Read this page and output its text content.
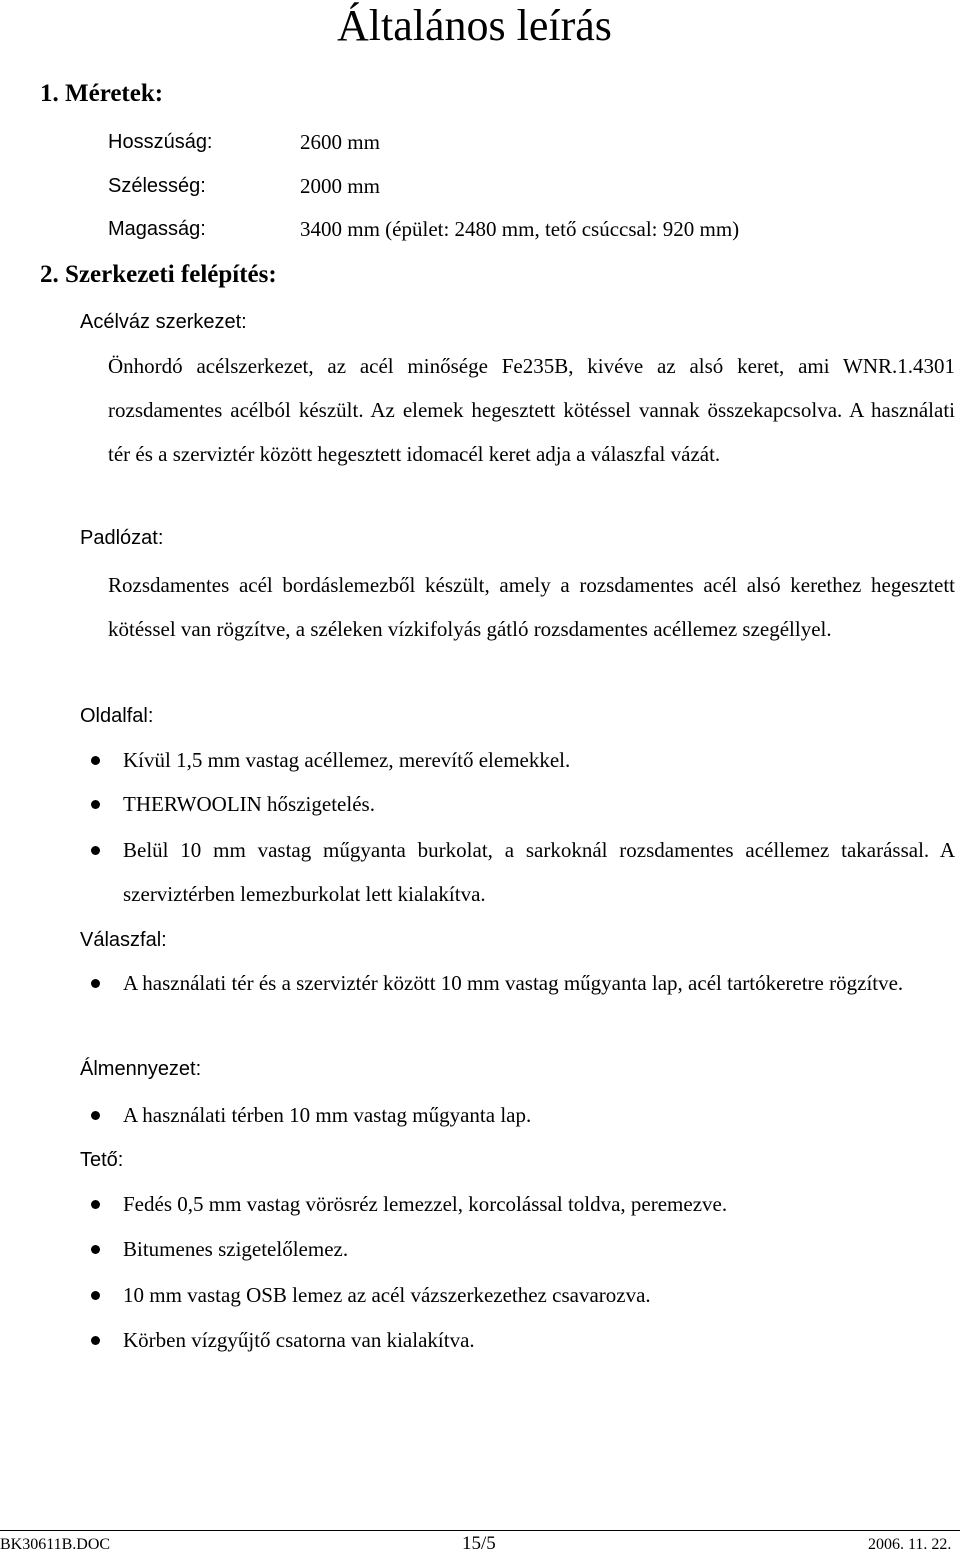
Általános leírás
1. Méretek:
Hosszúság:	2600 mm
Szélesség:	2000 mm
Magasság:	3400 mm (épület: 2480 mm, tető csúccsal: 920 mm)
2. Szerkezeti felépítés:
Acélváz szerkezet:
Önhordó acélszerkezet, az acél minősége Fe235B, kivéve az alsó keret, ami WNR.1.4301 rozsdamentes acélból készült. Az elemek hegesztett kötéssel vannak összekapcsolva. A használati tér és a szerviztér között hegesztett idomacél keret adja a válaszfal vázát.
Padlózat:
Rozsdamentes acél bordáslemezből készült, amely a rozsdamentes acél alsó kerethez hegesztett kötéssel van rögzítve, a széleken vízkifolyás gátló rozsdamentes acéllemez szegéllyel.
Oldalfal:
Kívül 1,5 mm vastag acéllemez, merevítő elemekkel.
THERWOOLIN hőszigetelés.
Belül 10 mm vastag műgyanta burkolat, a sarkoknál rozsdamentes acéllemez takarással. A szerviztérben lemezburkolat lett kialakítva.
Válaszfal:
A használati tér és a szerviztér között 10 mm vastag műgyanta lap, acél tartókeretre rögzítve.
Álmennyezet:
A használati térben 10 mm vastag műgyanta lap.
Tető:
Fedés 0,5 mm vastag vörösréz lemezzel, korcolással toldva, peremezve.
Bitumenes szigetelőlemez.
10 mm vastag OSB lemez az acél vázszerkezethez csavarozva.
Körben vízgyűjtő csatorna van kialakítva.
BK30611B.DOC	15/5	2006. 11. 22.
